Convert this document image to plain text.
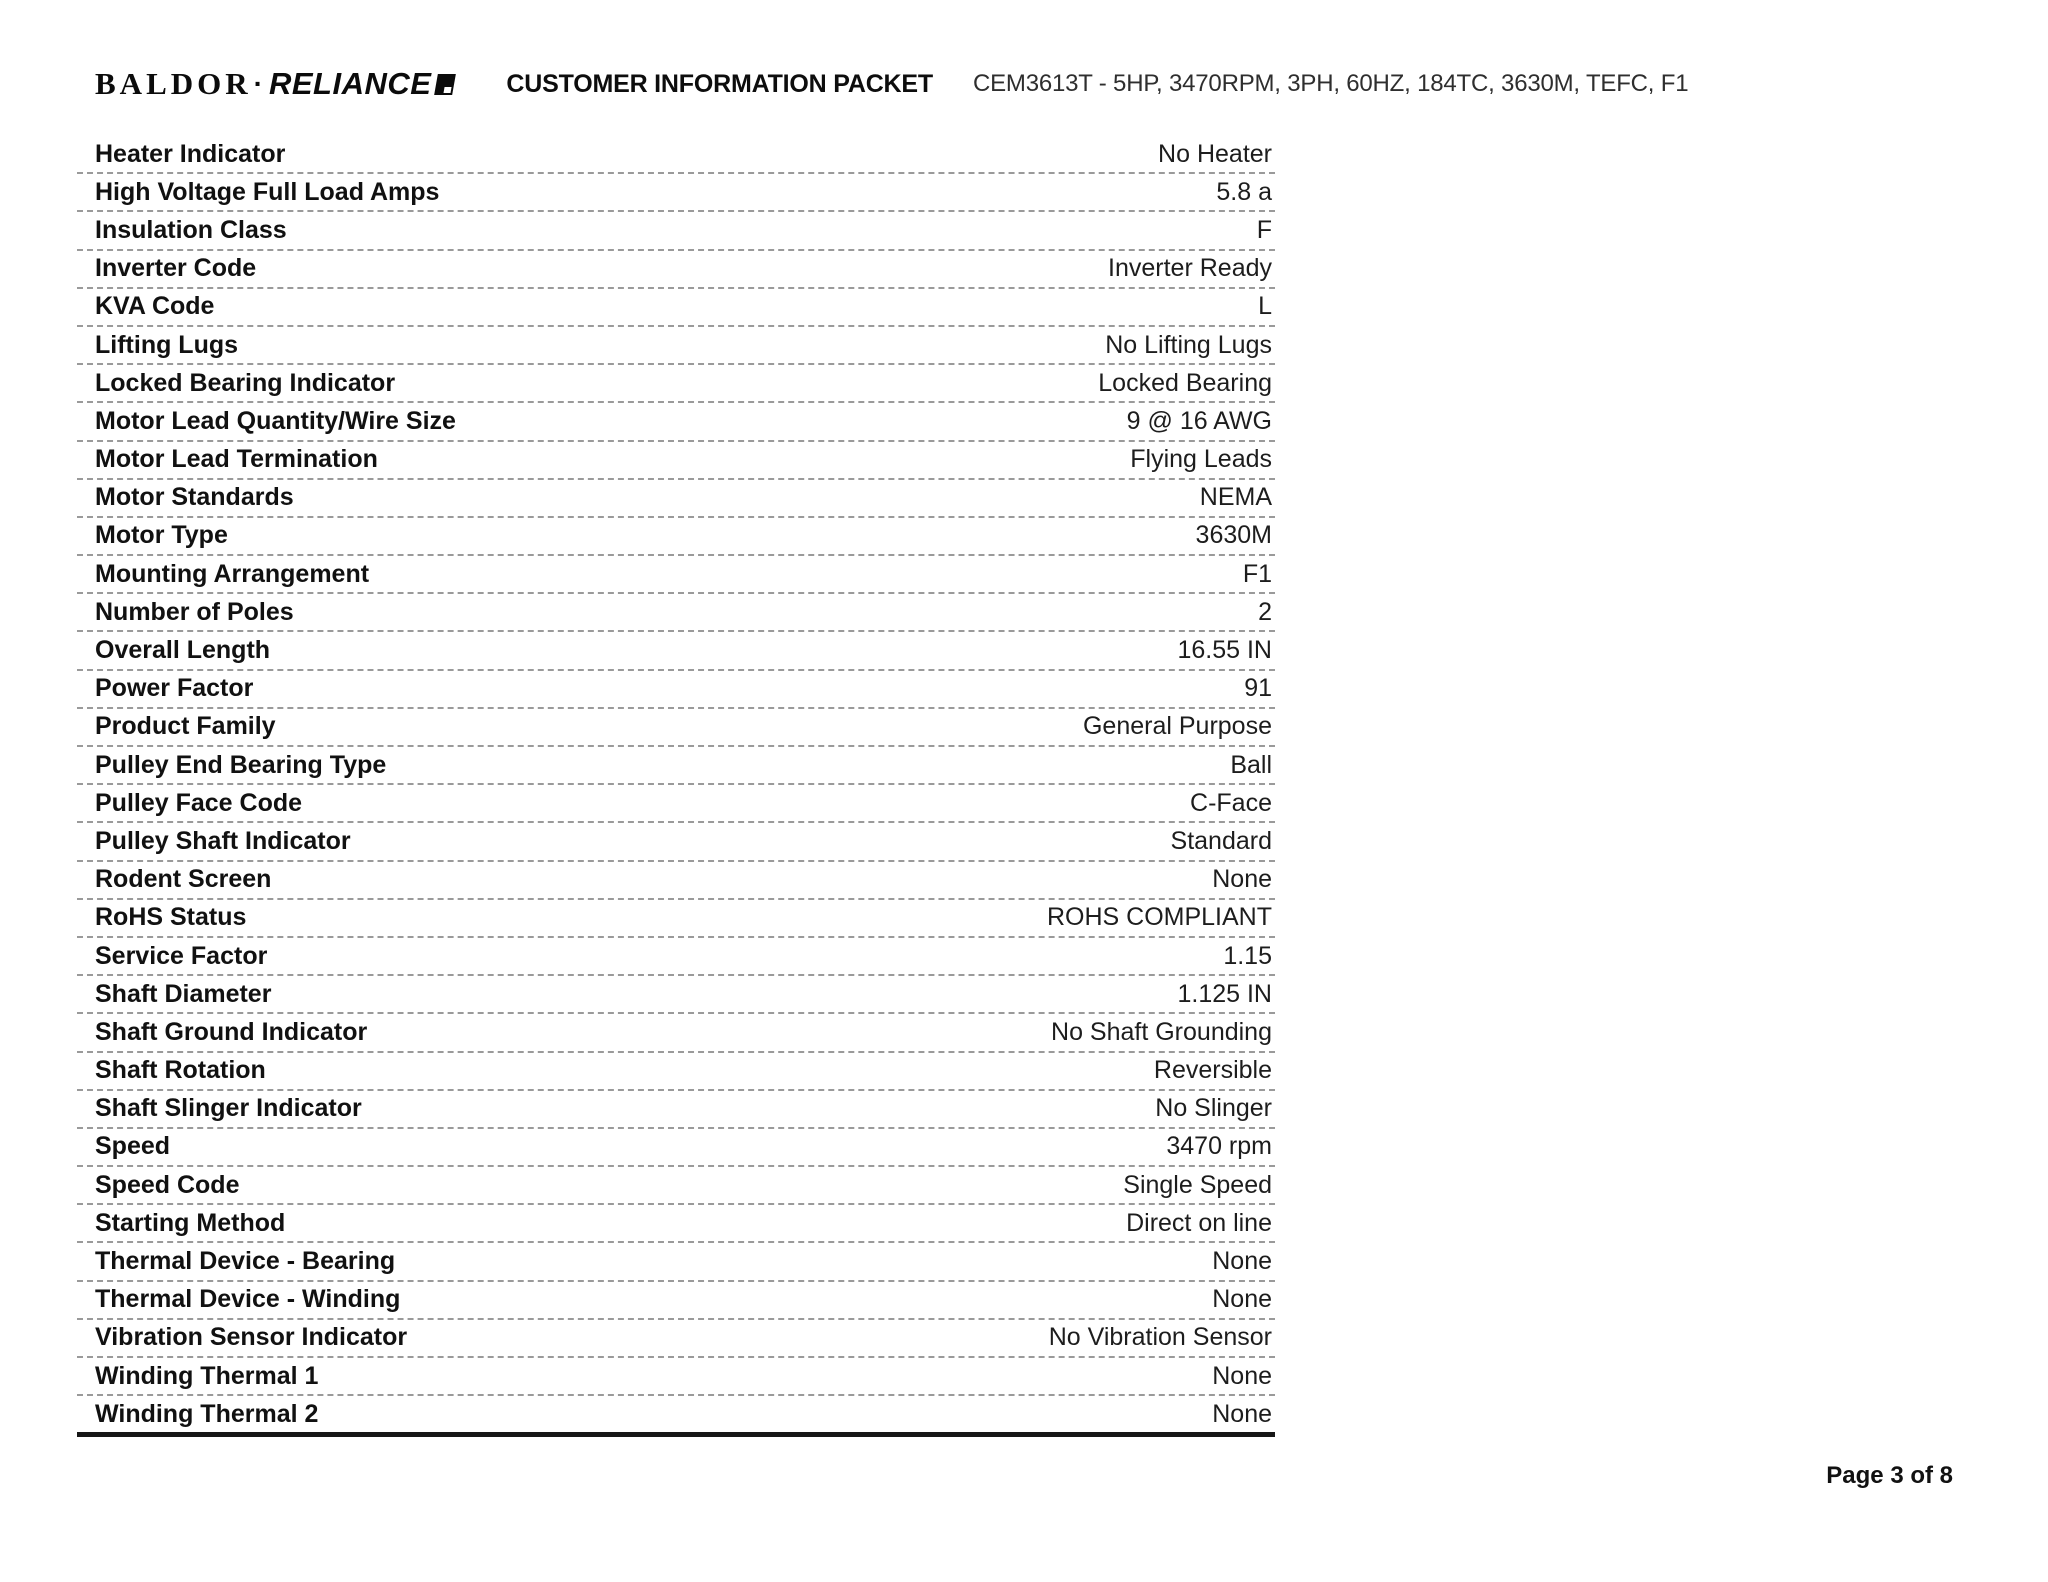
BALDOR · RELIANCE	CUSTOMER INFORMATION PACKET CEM3613T - 5HP, 3470RPM, 3PH, 60HZ, 184TC, 3630M, TEFC, F1
Heater Indicator	No Heater
High Voltage Full Load Amps	5.8 a
Insulation Class	F
Inverter Code	Inverter Ready
KVA Code	L
Lifting Lugs	No Lifting Lugs
Locked Bearing Indicator	Locked Bearing
Motor Lead Quantity/Wire Size	9 @ 16 AWG
Motor Lead Termination	Flying Leads
Motor Standards	NEMA
Motor Type	3630M
Mounting Arrangement	F1
Number of Poles	2
Overall Length	16.55 IN
Power Factor	91
Product Family	General Purpose
Pulley End Bearing Type	Ball
Pulley Face Code	C-Face
Pulley Shaft Indicator	Standard
Rodent Screen	None
RoHS Status	ROHS COMPLIANT
Service Factor	1.15
Shaft Diameter	1.125 IN
Shaft Ground Indicator	No Shaft Grounding
Shaft Rotation	Reversible
Shaft Slinger Indicator	No Slinger
Speed	3470 rpm
Speed Code	Single Speed
Starting Method	Direct on line
Thermal Device - Bearing	None
Thermal Device - Winding	None
Vibration Sensor Indicator	No Vibration Sensor
Winding Thermal 1	None
Winding Thermal 2	None
Page 3 of 8
